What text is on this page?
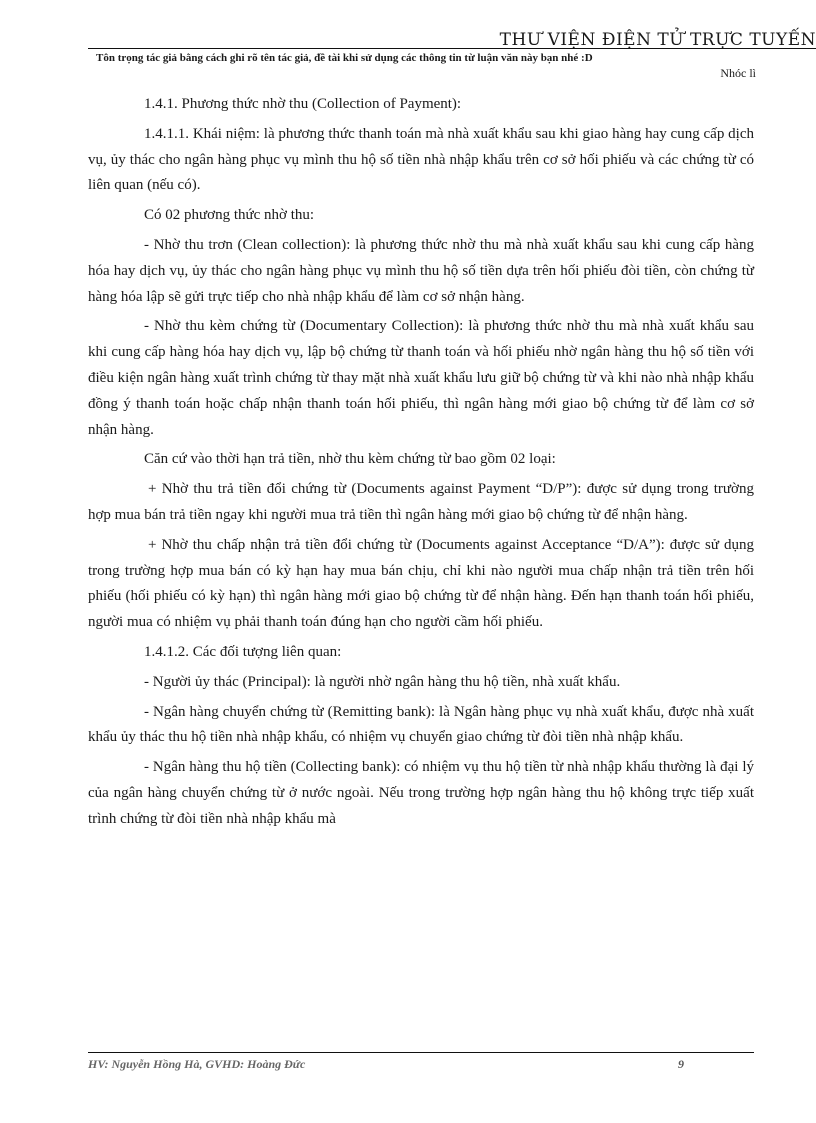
THƯ VIỆN ĐIỆN TỬ TRỰC TUYẾN
Tôn trọng tác giả bằng cách ghi rõ tên tác giả, đề tài khi sử dụng các thông tin từ luận văn này bạn nhé :D
Nhóc lì

1.4.1. Phương thức nhờ thu (Collection of Payment):

1.4.1.1. Khái niệm: là phương thức thanh toán mà nhà xuất khẩu sau khi giao hàng hay cung cấp dịch vụ, ủy thác cho ngân hàng phục vụ mình thu hộ số tiền nhà nhập khẩu trên cơ sở hối phiếu và các chứng từ có liên quan (nếu có).

Có 02 phương thức nhờ thu:

- Nhờ thu trơn (Clean collection): là phương thức nhờ thu mà nhà xuất khẩu sau khi cung cấp hàng hóa hay dịch vụ, ủy thác cho ngân hàng phục vụ mình thu hộ số tiền dựa trên hối phiếu đòi tiền, còn chứng từ hàng hóa lập sẽ gửi trực tiếp cho nhà nhập khẩu để làm cơ sở nhận hàng.

- Nhờ thu kèm chứng từ (Documentary Collection): là phương thức nhờ thu mà nhà xuất khẩu sau khi cung cấp hàng hóa hay dịch vụ, lập bộ chứng từ thanh toán và hối phiếu nhờ ngân hàng thu hộ số tiền với điều kiện ngân hàng xuất trình chứng từ thay mặt nhà xuất khẩu lưu giữ bộ chứng từ và khi nào nhà nhập khẩu đồng ý thanh toán hoặc chấp nhận thanh toán hối phiếu, thì ngân hàng mới giao bộ chứng từ để làm cơ sở nhận hàng.

Căn cứ vào thời hạn trả tiền, nhờ thu kèm chứng từ bao gồm 02 loại:

+ Nhờ thu trả tiền đổi chứng từ (Documents against Payment “D/P”): được sử dụng trong trường hợp mua bán trả tiền ngay khi người mua trả tiền thì ngân hàng mới giao bộ chứng từ để nhận hàng.

+ Nhờ thu chấp nhận trả tiền đổi chứng từ (Documents against Acceptance “D/A”): được sử dụng trong trường hợp mua bán có kỳ hạn hay mua bán chịu, chỉ khi nào người mua chấp nhận trả tiền trên hối phiếu (hối phiếu có kỳ hạn) thì ngân hàng mới giao bộ chứng từ để nhận hàng. Đến hạn thanh toán hối phiếu, người mua có nhiệm vụ phải thanh toán đúng hạn cho người cầm hối phiếu.

1.4.1.2. Các đối tượng liên quan:

- Người ủy thác (Principal): là người nhờ ngân hàng thu hộ tiền, nhà xuất khẩu.

- Ngân hàng chuyển chứng từ (Remitting bank): là Ngân hàng phục vụ nhà xuất khẩu, được nhà xuất khẩu ủy thác thu hộ tiền nhà nhập khẩu, có nhiệm vụ chuyển giao chứng từ đòi tiền nhà nhập khẩu.

- Ngân hàng thu hộ tiền (Collecting bank): có nhiệm vụ thu hộ tiền từ nhà nhập khẩu thường là đại lý của ngân hàng chuyển chứng từ ở nước ngoài. Nếu trong trường hợp ngân hàng thu hộ không trực tiếp xuất trình chứng từ đòi tiền nhà nhập khẩu mà

HV: Nguyễn Hồng Hà, GVHD: Hoàng Đức	9
